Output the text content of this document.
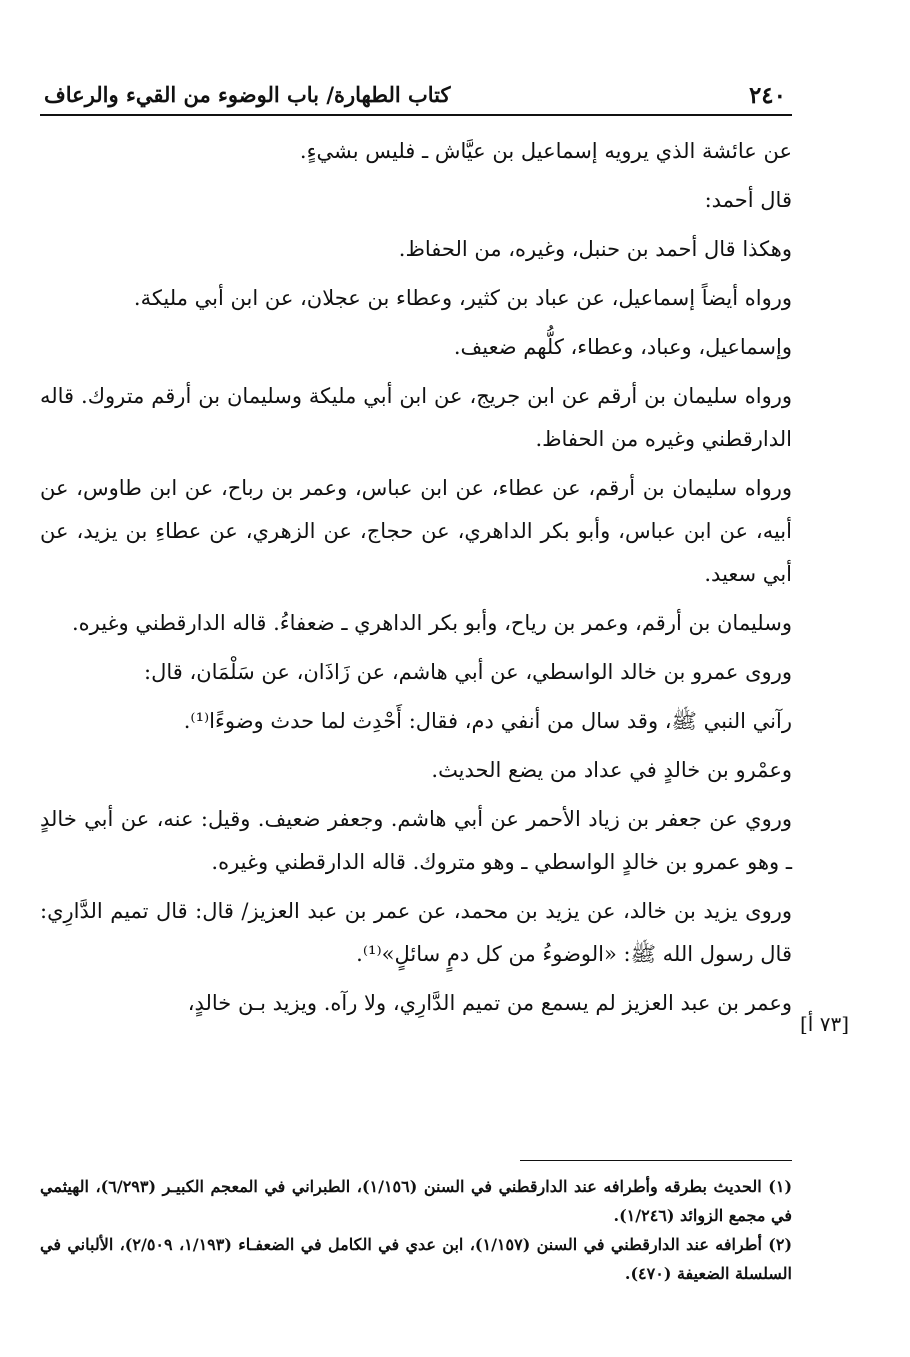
٢٤٠
كتاب الطهارة/ باب الوضوء من القيء والرعاف

عن عائشة الذي يرويه إسماعيل بن عيَّاش ـ فليس بشيءٍ.

قال أحمد:

وهكذا قال أحمد بن حنبل، وغيره، من الحفاظ.

ورواه أيضاً إسماعيل، عن عباد بن كثير، وعطاء بن عجلان، عن ابن أبي مليكة.

وإسماعيل، وعباد، وعطاء، كلُّهم ضعيف.

ورواه سليمان بن أرقم عن ابن جريج، عن ابن أبي مليكة وسليمان بن أرقم متروك. قاله الدارقطني وغيره من الحفاظ.

ورواه سليمان بن أرقم، عن عطاء، عن ابن عباس، وعمر بن رباح، عن ابن طاوس، عن أبيه، عن ابن عباس، وأبو بكر الداهري، عن حجاج، عن الزهري، عن عطاءِ بن يزيد، عن أبي سعيد.

وسليمان بن أرقم، وعمر بن رياح، وأبو بكر الداهري ـ ضعفاءُ. قاله الدارقطني وغيره.

وروى عمرو بن خالد الواسطي، عن أبي هاشم، عن زَاذَان، عن سَلْمَان، قال:

رآني النبي ﷺ، وقد سال من أنفي دم، فقال: أَحْدِث لما حدث وضوءًا⁽¹⁾.

وعمْرو بن خالدٍ في عداد من يضع الحديث.

وروي عن جعفر بن زياد الأحمر عن أبي هاشم. وجعفر ضعيف. وقيل: عنه، عن أبي خالدٍ ـ وهو عمرو بن خالدٍ الواسطي ـ وهو متروك. قاله الدارقطني وغيره.

وروى يزيد بن خالد، عن يزيد بن محمد، عن عمر بن عبد العزيز/ قال: قال تميم الدَّارِي: قال رسول الله ﷺ: «الوضوءُ من كل دمٍ سائلٍ»⁽¹⁾.

وعمر بن عبد العزيز لم يسمع من تميم الدَّارِي، ولا رآه. ويزيد بـن خالدٍ،

[٧٣ أ]

(١) الحديث بطرقه وأطرافه عند الدارقطني في السنن (١/١٥٦)، الطبراني في المعجم الكبيـر (٦/٢٩٣)، الهيثمي في مجمع الزوائد (١/٢٤٦).

(٢) أطرافه عند الدارقطني في السنن (١/١٥٧)، ابن عدي في الكامل في الضعفـاء (١/١٩٣، ٢/٥٠٩)، الألباني في السلسلة الضعيفة (٤٧٠).
